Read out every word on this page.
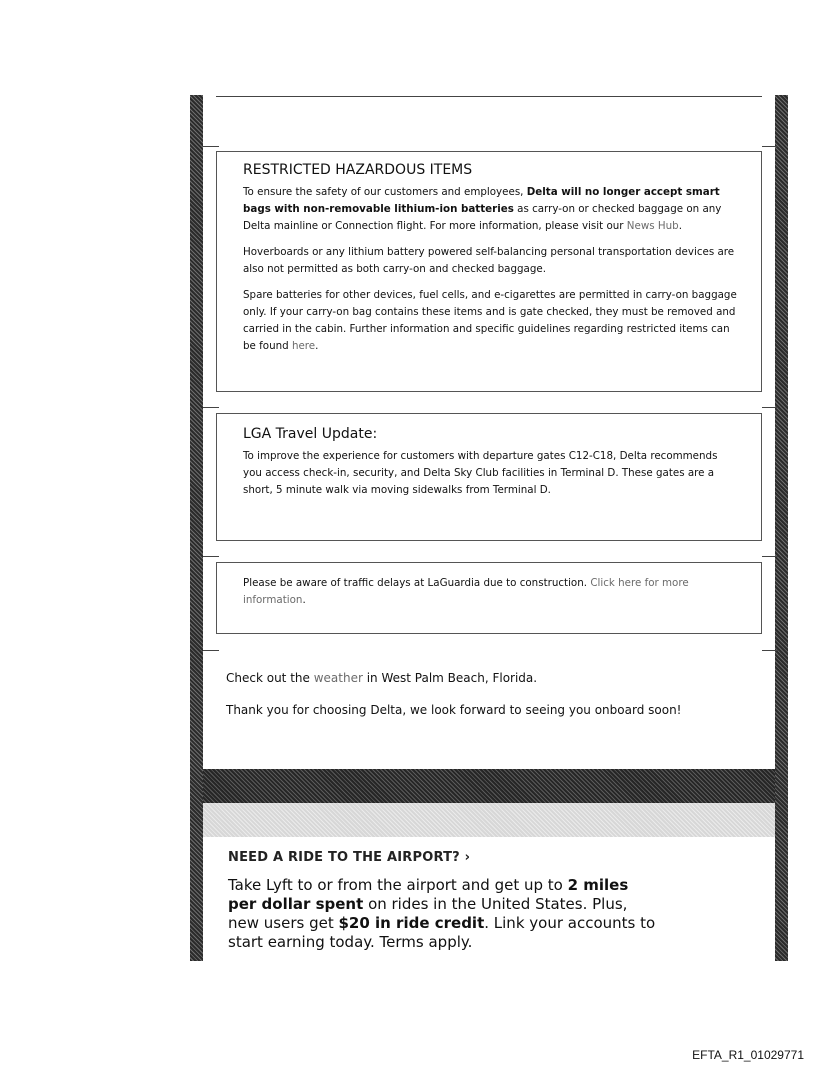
RESTRICTED HAZARDOUS ITEMS

To ensure the safety of our customers and employees, Delta will no longer accept smart bags with non-removable lithium-ion batteries as carry-on or checked baggage on any Delta mainline or Connection flight. For more information, please visit our News Hub.

Hoverboards or any lithium battery powered self-balancing personal transportation devices are also not permitted as both carry-on and checked baggage.

Spare batteries for other devices, fuel cells, and e-cigarettes are permitted in carry-on baggage only. If your carry-on bag contains these items and is gate checked, they must be removed and carried in the cabin. Further information and specific guidelines regarding restricted items can be found here.

LGA Travel Update:

To improve the experience for customers with departure gates C12-C18, Delta recommends you access check-in, security, and Delta Sky Club facilities in Terminal D. These gates are a short, 5 minute walk via moving sidewalks from Terminal D.

Please be aware of traffic delays at LaGuardia due to construction. Click here for more information.

Check out the weather in West Palm Beach, Florida.
Thank you for choosing Delta, we look forward to seeing you onboard soon!
NEED A RIDE TO THE AIRPORT? ›
Take Lyft to or from the airport and get up to 2 miles per dollar spent on rides in the United States. Plus, new users get $20 in ride credit. Link your accounts to start earning today. Terms apply.
EFTA_R1_01029771
